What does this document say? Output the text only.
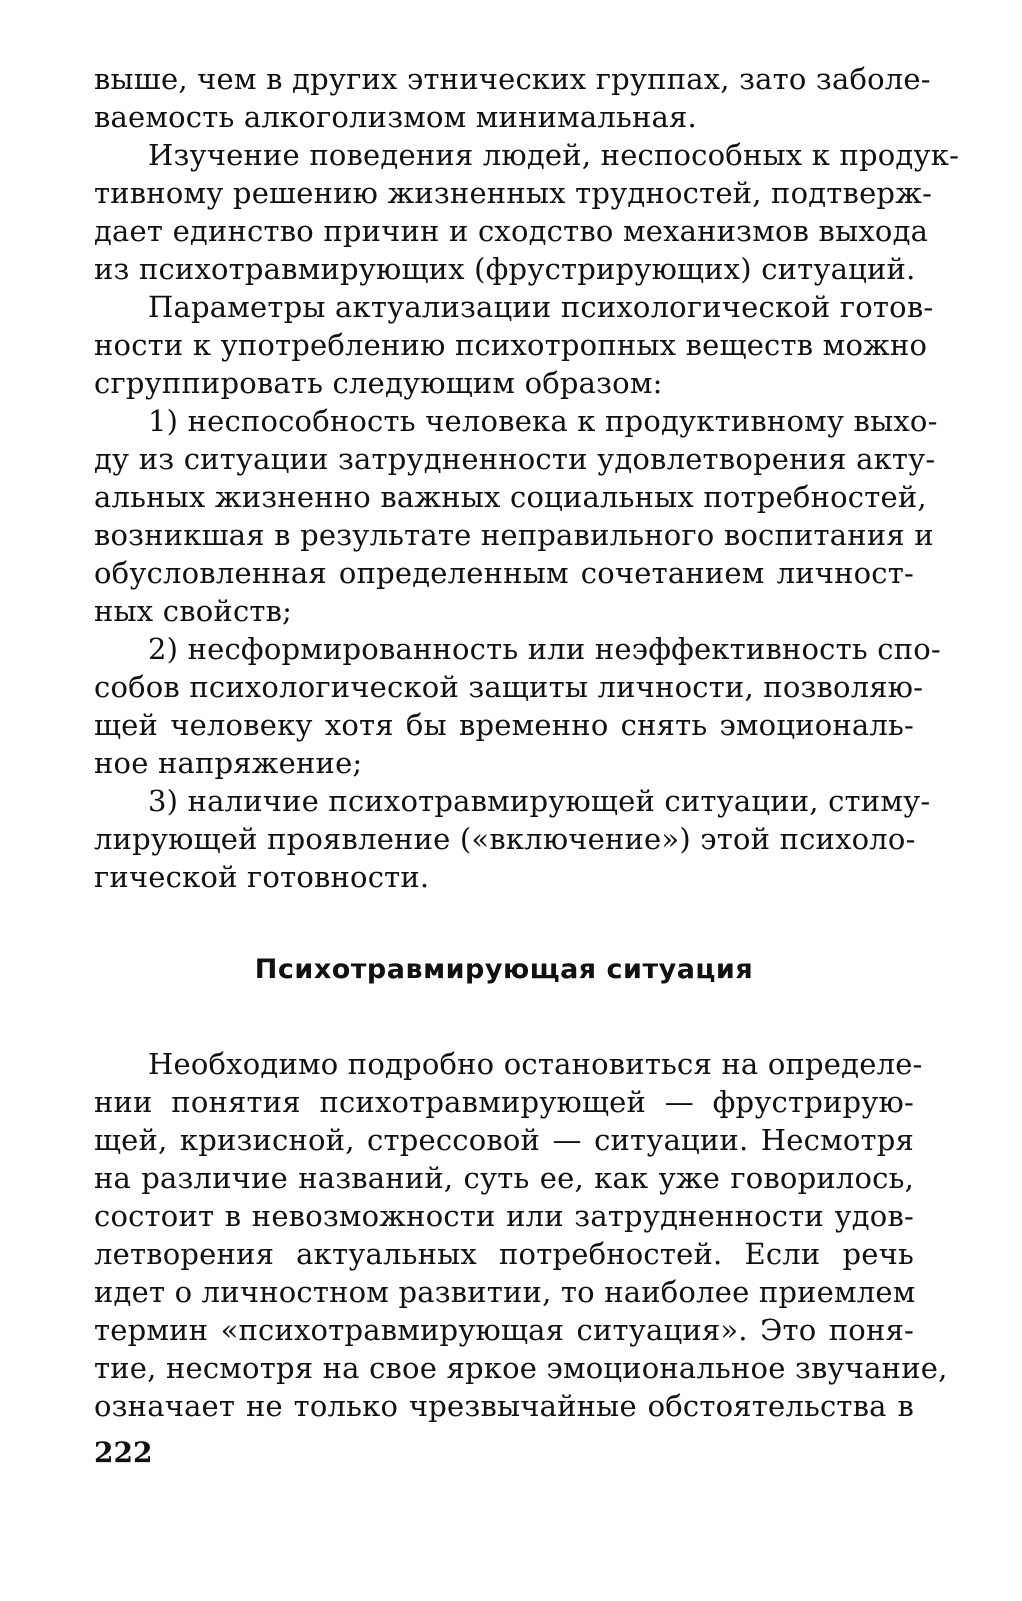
выше, чем в других этнических группах, зато заболе-
ваемость алкоголизмом минимальная.
Изучение поведения людей, неспособных к продук-
тивному решению жизненных трудностей, подтверж-
дает единство причин и сходство механизмов выхода
из психотравмирующих (фрустрирующих) ситуаций.
Параметры актуализации психологической готов-
ности к употреблению психотропных веществ можно
сгруппировать следующим образом:
1) неспособность человека к продуктивному выхо-
ду из ситуации затрудненности удовлетворения акту-
альных жизненно важных социальных потребностей,
возникшая в результате неправильного воспитания и
обусловленная определенным сочетанием личност-
ных свойств;
2) несформированность или неэффективность спо-
собов психологической защиты личности, позволяю-
щей человеку хотя бы временно снять эмоциональ-
ное напряжение;
3) наличие психотравмирующей ситуации, стиму-
лирующей проявление («включение») этой психоло-
гической готовности.
Психотравмирующая ситуация
Необходимо подробно остановиться на определе-
нии понятия психотравмирующей — фрустрирую-
щей, кризисной, стрессовой — ситуации. Несмотря
на различие названий, суть ее, как уже говорилось,
состоит в невозможности или затрудненности удов-
летворения актуальных потребностей. Если речь
идет о личностном развитии, то наиболее приемлем
термин «психотравмирующая ситуация». Это поня-
тие, несмотря на свое яркое эмоциональное звучание,
означает не только чрезвычайные обстоятельства в
222
